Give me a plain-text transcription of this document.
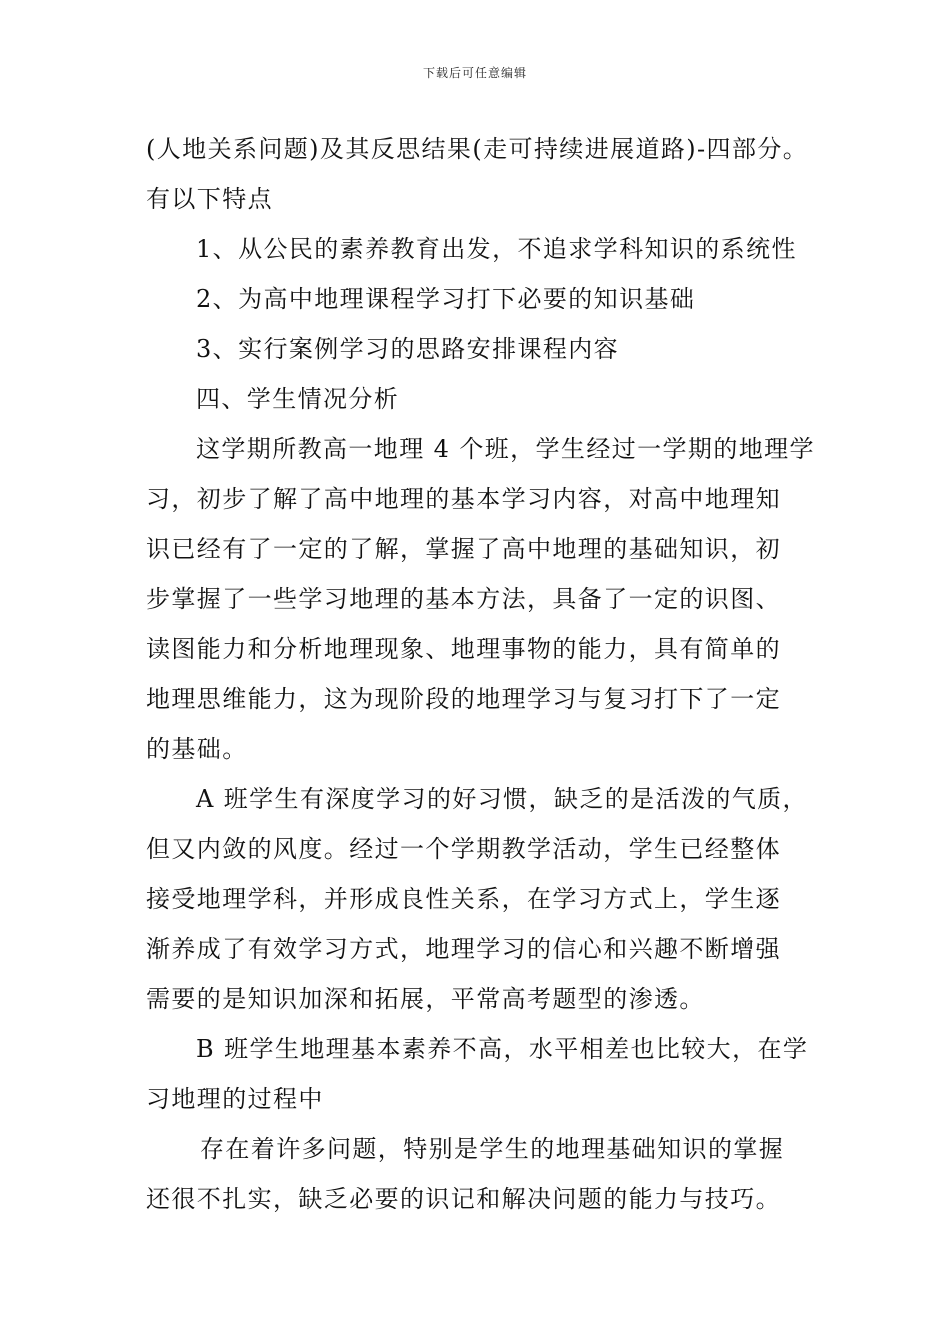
下载后可任意编辑
(人地关系问题)及其反思结果(走可持续进展道路)-四部分。
有以下特点
1、从公民的素养教育出发，不追求学科知识的系统性
2、为高中地理课程学习打下必要的知识基础
3、实行案例学习的思路安排课程内容
四、学生情况分析
这学期所教高一地理 4 个班，学生经过一学期的地理学
习，初步了解了高中地理的基本学习内容，对高中地理知
识已经有了一定的了解，掌握了高中地理的基础知识，初
步掌握了一些学习地理的基本方法，具备了一定的识图、
读图能力和分析地理现象、地理事物的能力，具有简单的
地理思维能力，这为现阶段的地理学习与复习打下了一定
的基础。
A 班学生有深度学习的好习惯，缺乏的是活泼的气质，
但又内敛的风度。经过一个学期教学活动，学生已经整体
接受地理学科，并形成良性关系，在学习方式上，学生逐
渐养成了有效学习方式，地理学习的信心和兴趣不断增强
需要的是知识加深和拓展，平常高考题型的渗透。
B 班学生地理基本素养不高，水平相差也比较大，在学
习地理的过程中
存在着许多问题，特别是学生的地理基础知识的掌握
还很不扎实，缺乏必要的识记和解决问题的能力与技巧。
